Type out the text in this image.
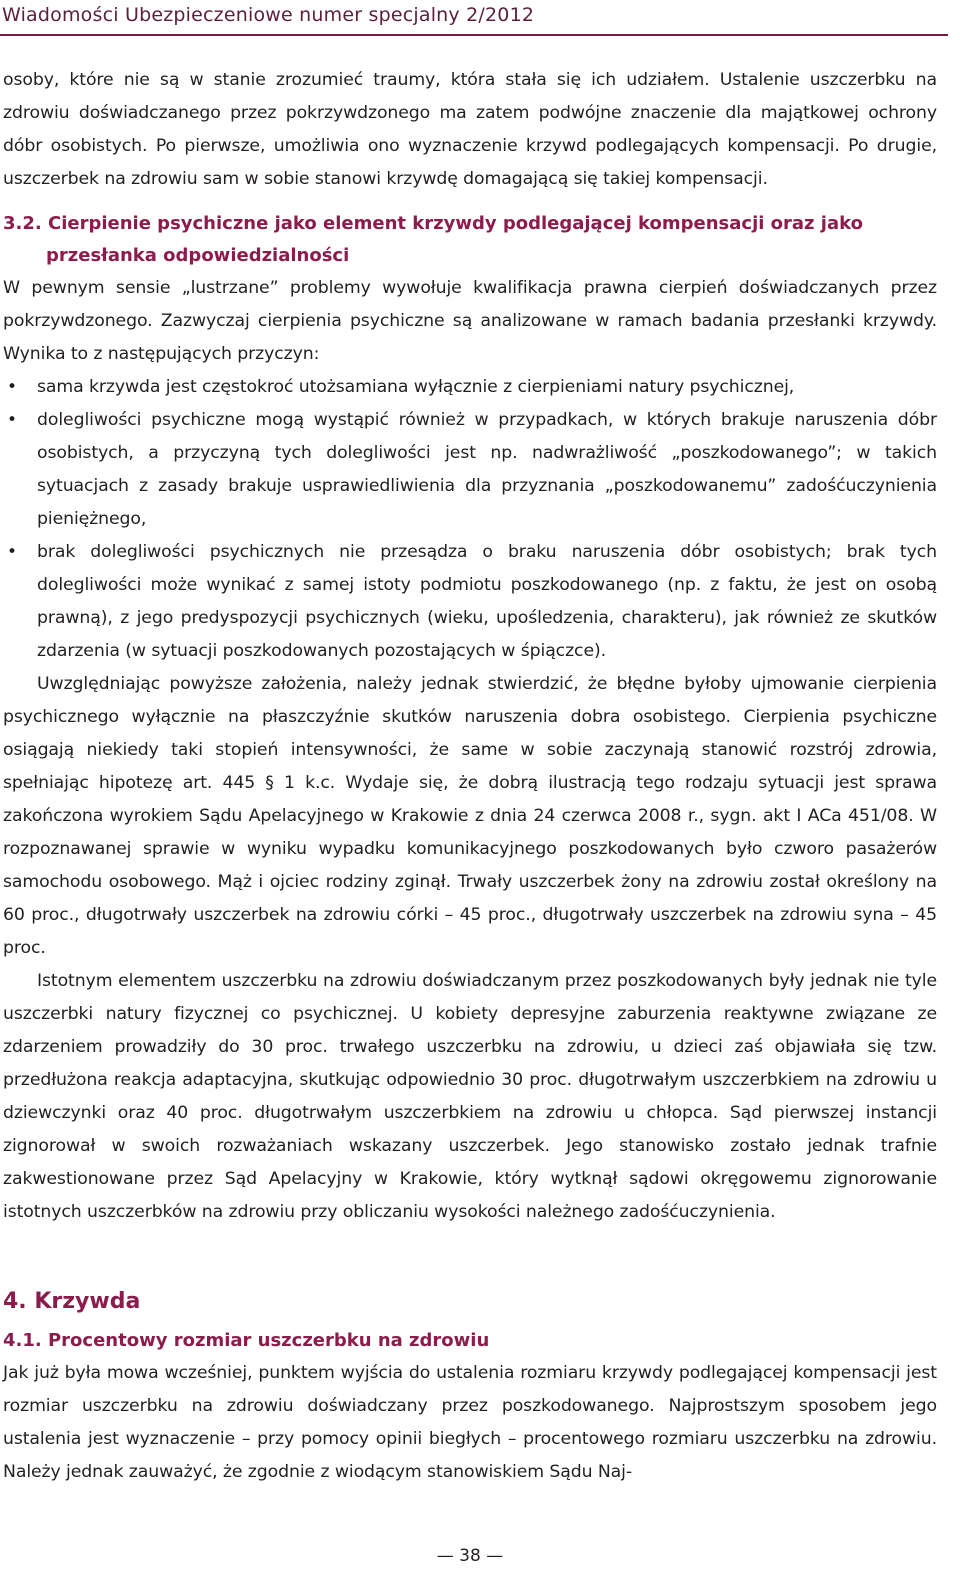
Wiadomości Ubezpieczeniowe numer specjalny 2/2012

osoby, które nie są w stanie zrozumieć traumy, która stała się ich udziałem. Ustalenie uszczerbku na zdrowiu doświadczanego przez pokrzywdzonego ma zatem podwójne znaczenie dla majątkowej ochrony dóbr osobistych. Po pierwsze, umożliwia ono wyznaczenie krzywd podlegających kompensacji. Po drugie, uszczerbek na zdrowiu sam w sobie stanowi krzywdę domagającą się takiej kompensacji.

3.2. Cierpienie psychiczne jako element krzywdy podlegającej kompensacji oraz jako przesłanka odpowiedzialności

W pewnym sensie „lustrzane” problemy wywołuje kwalifikacja prawna cierpień doświadczanych przez pokrzywdzonego. Zazwyczaj cierpienia psychiczne są analizowane w ramach badania przesłanki krzywdy. Wynika to z następujących przyczyn:

• sama krzywda jest częstokroć utożsamiana wyłącznie z cierpieniami natury psychicznej,
• dolegliwości psychiczne mogą wystąpić również w przypadkach, w których brakuje naruszenia dóbr osobistych, a przyczyną tych dolegliwości jest np. nadwrażliwość „poszkodowanego”; w takich sytuacjach z zasady brakuje usprawiedliwienia dla przyznania „poszkodowanemu” zadośćuczynienia pieniężnego,
• brak dolegliwości psychicznych nie przesądza o braku naruszenia dóbr osobistych; brak tych dolegliwości może wynikać z samej istoty podmiotu poszkodowanego (np. z faktu, że jest on osobą prawną), z jego predyspozycji psychicznych (wieku, upośledzenia, charakteru), jak również ze skutków zdarzenia (w sytuacji poszkodowanych pozostających w śpiączce).

Uwzględniając powyższe założenia, należy jednak stwierdzić, że błędne byłoby ujmowanie cierpienia psychicznego wyłącznie na płaszczyźnie skutków naruszenia dobra osobistego. Cierpienia psychiczne osiągają niekiedy taki stopień intensywności, że same w sobie zaczynają stanowić rozstrój zdrowia, spełniając hipotezę art. 445 § 1 k.c. Wydaje się, że dobrą ilustracją tego rodzaju sytuacji jest sprawa zakończona wyrokiem Sądu Apelacyjnego w Krakowie z dnia 24 czerwca 2008 r., sygn. akt I ACa 451/08. W rozpoznawanej sprawie w wyniku wypadku komunikacyjnego poszkodowanych było czworo pasażerów samochodu osobowego. Mąż i ojciec rodziny zginął. Trwały uszczerbek żony na zdrowiu został określony na 60 proc., długotrwały uszczerbek na zdrowiu córki – 45 proc., długotrwały uszczerbek na zdrowiu syna – 45 proc.

Istotnym elementem uszczerbku na zdrowiu doświadczanym przez poszkodowanych były jednak nie tyle uszczerbki natury fizycznej co psychicznej. U kobiety depresyjne zaburzenia reaktywne związane ze zdarzeniem prowadziły do 30 proc. trwałego uszczerbku na zdrowiu, u dzieci zaś objawiała się tzw. przedłużona reakcja adaptacyjna, skutkując odpowiednio 30 proc. długotrwałym uszczerbkiem na zdrowiu u dziewczynki oraz 40 proc. długotrwałym uszczerbkiem na zdrowiu u chłopca. Sąd pierwszej instancji zignorował w swoich rozważaniach wskazany uszczerbek. Jego stanowisko zostało jednak trafnie zakwestionowane przez Sąd Apelacyjny w Krakowie, który wytknął sądowi okręgowemu zignorowanie istotnych uszczerbków na zdrowiu przy obliczaniu wysokości należnego zadośćuczynienia.

4. Krzywda
4.1. Procentowy rozmiar uszczerbku na zdrowiu

Jak już była mowa wcześniej, punktem wyjścia do ustalenia rozmiaru krzywdy podlegającej kompensacji jest rozmiar uszczerbku na zdrowiu doświadczany przez poszkodowanego. Najprostszym sposobem jego ustalenia jest wyznaczenie – przy pomocy opinii biegłych – procentowego rozmiaru uszczerbku na zdrowiu. Należy jednak zauważyć, że zgodnie z wiodącym stanowiskiem Sądu Naj-

— 38 —
